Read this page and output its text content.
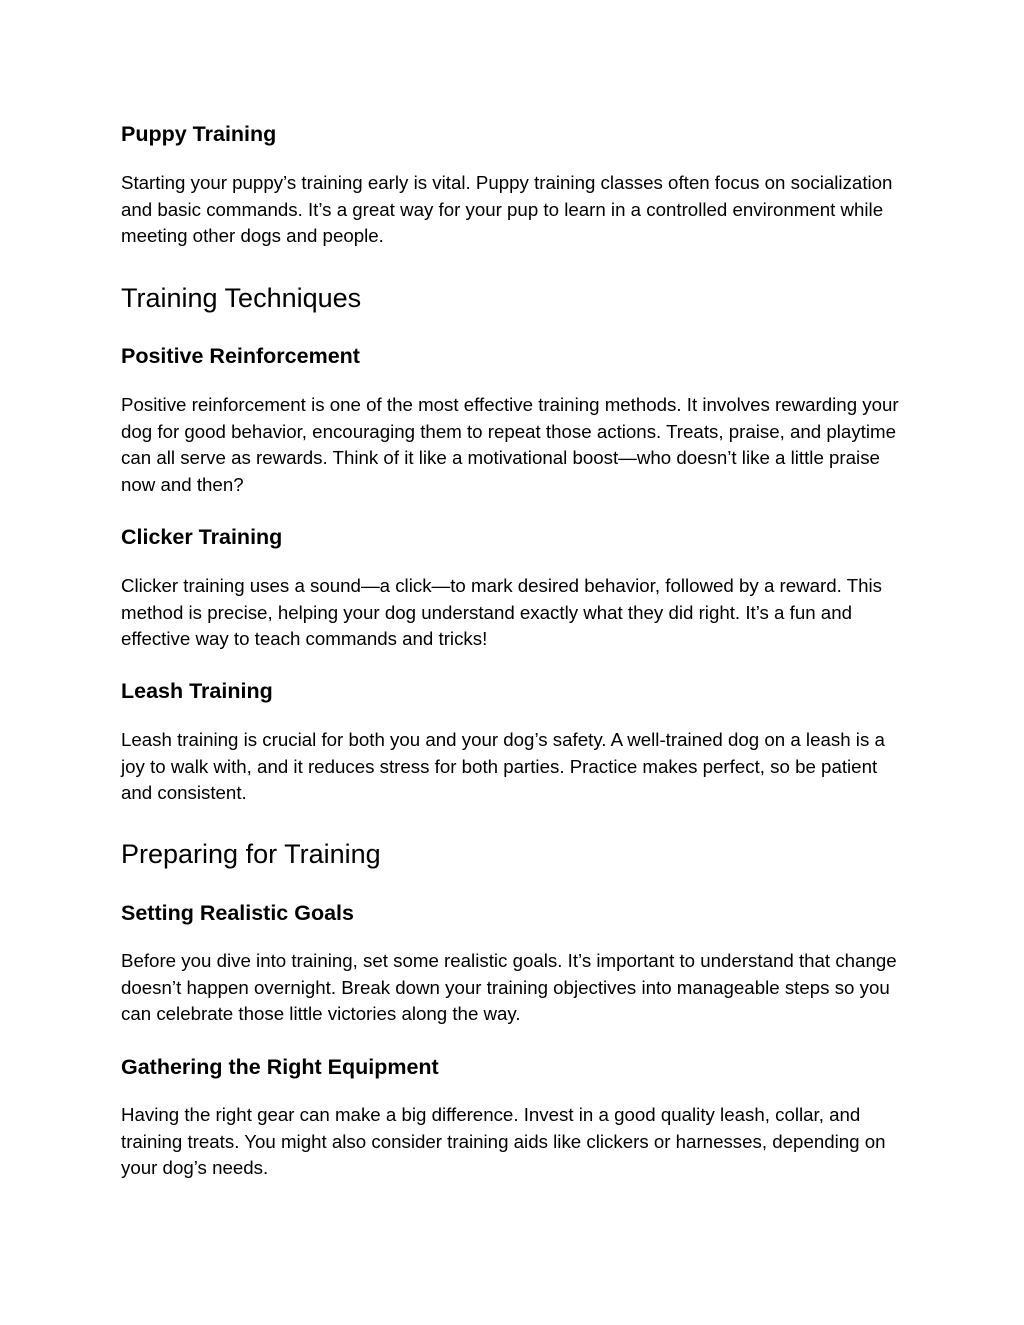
Puppy Training

Starting your puppy’s training early is vital. Puppy training classes often focus on socialization and basic commands. It’s a great way for your pup to learn in a controlled environment while meeting other dogs and people.

Training Techniques
Positive Reinforcement

Positive reinforcement is one of the most effective training methods. It involves rewarding your dog for good behavior, encouraging them to repeat those actions. Treats, praise, and playtime can all serve as rewards. Think of it like a motivational boost—who doesn’t like a little praise now and then?

Clicker Training

Clicker training uses a sound—a click—to mark desired behavior, followed by a reward. This method is precise, helping your dog understand exactly what they did right. It’s a fun and effective way to teach commands and tricks!

Leash Training

Leash training is crucial for both you and your dog’s safety. A well-trained dog on a leash is a joy to walk with, and it reduces stress for both parties. Practice makes perfect, so be patient and consistent.

Preparing for Training
Setting Realistic Goals

Before you dive into training, set some realistic goals. It’s important to understand that change doesn’t happen overnight. Break down your training objectives into manageable steps so you can celebrate those little victories along the way.

Gathering the Right Equipment

Having the right gear can make a big difference. Invest in a good quality leash, collar, and training treats. You might also consider training aids like clickers or harnesses, depending on your dog’s needs.
